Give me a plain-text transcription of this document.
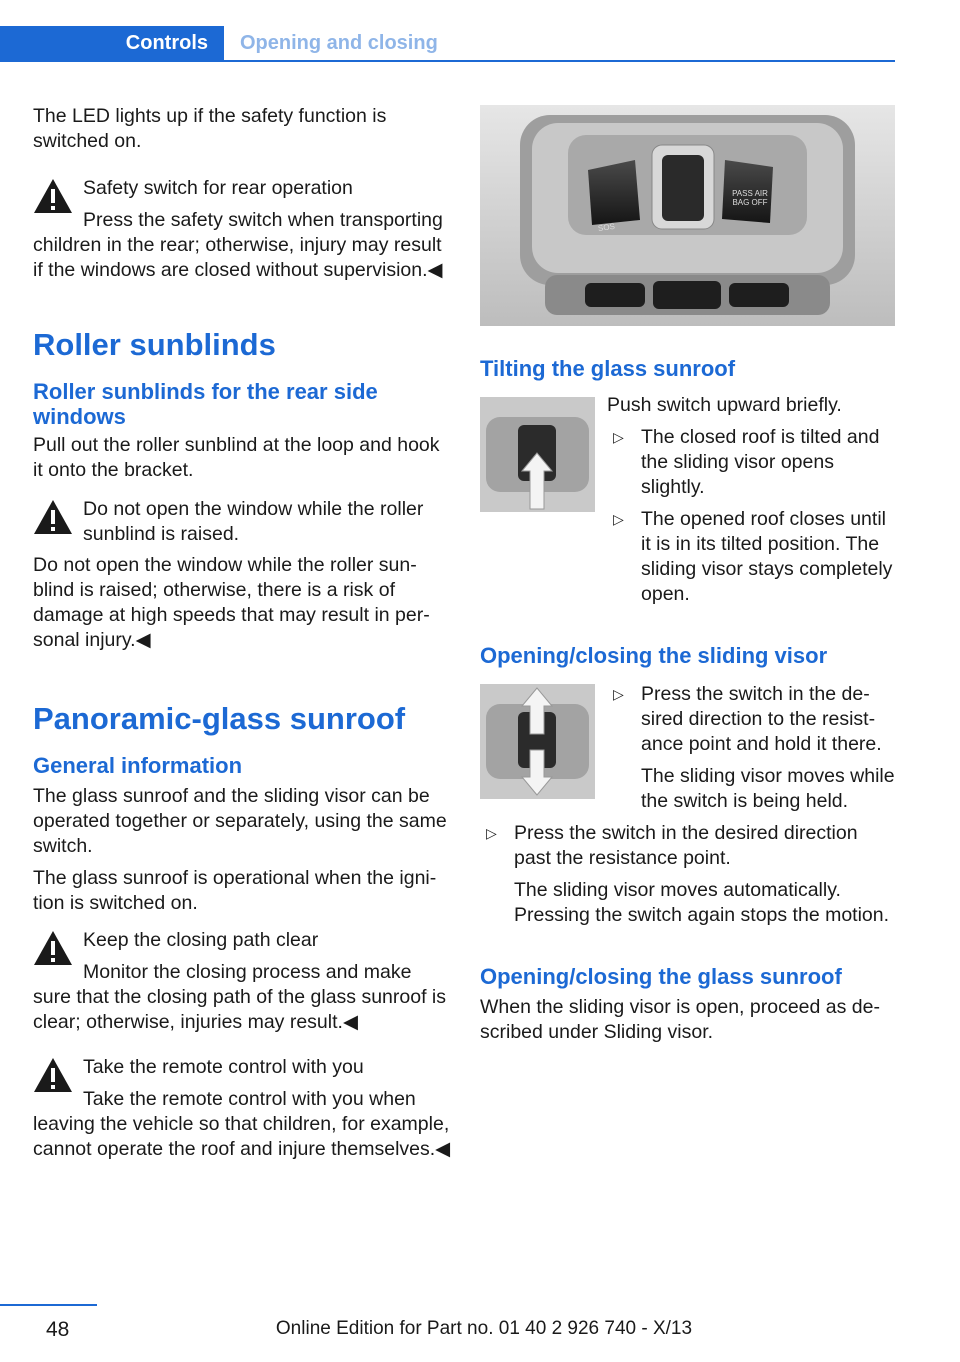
Controls	Opening and closing

The LED lights up if the safety function is switched on.

Safety switch for rear operation

Press the safety switch when transporting children in the rear; otherwise, injury may result if the windows are closed without supervision.◀

Roller sunblinds
Roller sunblinds for the rear side windows

Pull out the roller sunblind at the loop and hook it onto the bracket.

Do not open the window while the roller sunblind is raised.

Do not open the window while the roller sunblind is raised; otherwise, there is a risk of damage at high speeds that may result in personal injury.◀

Panoramic-glass sunroof
General information

The glass sunroof and the sliding visor can be operated together or separately, using the same switch.

The glass sunroof is operational when the ignition is switched on.

Keep the closing path clear

Monitor the closing process and make sure that the closing path of the glass sunroof is clear; otherwise, injuries may result.◀

Take the remote control with you

Take the remote control with you when leaving the vehicle so that children, for example, cannot operate the roof and injure themselves.◀

SOS
PASS AIR BAG OFF
Tilting the glass sunroof

Push switch upward briefly.

▷ The closed roof is tilted and the sliding visor opens slightly.
▷ The opened roof closes until it is in its tilted position. The sliding visor stays completely open.
Opening/closing the sliding visor
▷ Press the switch in the desired direction to the resistance point and hold it there.

The sliding visor moves while the switch is being held.

▷ Press the switch in the desired direction past the resistance point.

The sliding visor moves automatically. Pressing the switch again stops the motion.

Opening/closing the glass sunroof

When the sliding visor is open, proceed as described under Sliding visor.

48	Online Edition for Part no. 01 40 2 926 740 - X/13
